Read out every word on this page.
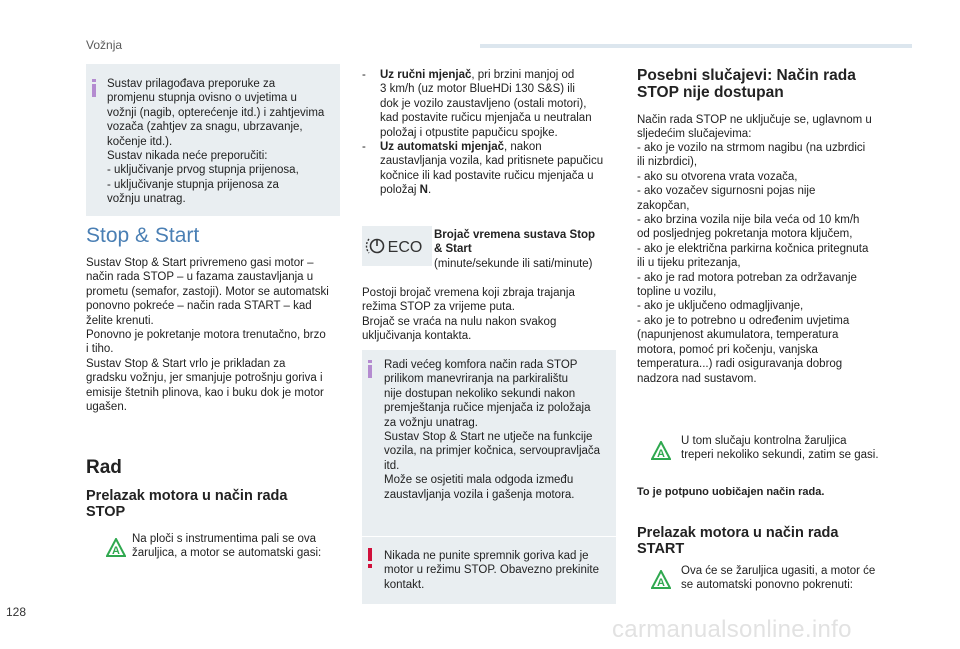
Vožnja
Sustav prilagođava preporuke za
promjenu stupnja ovisno o uvjetima u
vožnji (nagib, opterećenje itd.) i zahtjevima
vozača (zahtjev za snagu, ubrzavanje,
kočenje itd.).
Sustav nikada neće preporučiti:
- uključivanje prvog stupnja prijenosa,
- uključivanje stupnja prijenosa za
vožnju unatrag.
Stop & Start
Sustav Stop & Start privremeno gasi motor –
način rada STOP – u fazama zaustavljanja u
prometu (semafor, zastoji). Motor se automatski
ponovno pokreće – način rada START – kad
želite krenuti.
Ponovno je pokretanje motora trenutačno, brzo
i tiho.
Sustav Stop & Start vrlo je prikladan za
gradsku vožnju, jer smanjuje potrošnju goriva i
emisije štetnih plinova, kao i buku dok je motor
ugašen.
Rad
Prelazak motora u način rada
STOP
A
Na ploči s instrumentima pali se ova
žaruljica, a motor se automatski gasi:
- Uz ručni mjenjač, pri brzini manjoj od
3 km/h (uz motor BlueHDi 130 S&S) ili
dok je vozilo zaustavljeno (ostali motori),
kad postavite ručicu mjenjača u neutralan
položaj i otpustite papučicu spojke.
- Uz automatski mjenjač, nakon
zaustavljanja vozila, kad pritisnete papučicu
kočnice ili kad postavite ručicu mjenjača u
položaj N.
ECO
Brojač vremena sustava Stop
& Start
(minute/sekunde ili sati/minute)
Postoji brojač vremena koji zbraja trajanja
režima STOP za vrijeme puta.
Brojač se vraća na nulu nakon svakog
uključivanja kontakta.
Radi većeg komfora način rada STOP
prilikom manevriranja na parkiralištu
nije dostupan nekoliko sekundi nakon
premještanja ručice mjenjača iz položaja
za vožnju unatrag.
Sustav Stop & Start ne utječe na funkcije
vozila, na primjer kočnica, servoupravljača
itd.
Može se osjetiti mala odgoda između
zaustavljanja vozila i gašenja motora.
Nikada ne punite spremnik goriva kad je
motor u režimu STOP. Obavezno prekinite
kontakt.
Posebni slučajevi: Način rada
STOP nije dostupan
Način rada STOP ne uključuje se, uglavnom u
sljedećim slučajevima:
- ako je vozilo na strmom nagibu (na uzbrdici
ili nizbrdici),
- ako su otvorena vrata vozača,
- ako vozačev sigurnosni pojas nije
zakopčan,
- ako brzina vozila nije bila veća od 10 km/h
od posljednjeg pokretanja motora ključem,
- ako je električna parkirna kočnica pritegnuta
ili u tijeku pritezanja,
- ako je rad motora potreban za održavanje
topline u vozilu,
- ako je uključeno odmagljivanje,
- ako je to potrebno u određenim uvjetima
(napunjenost akumulatora, temperatura
motora, pomoć pri kočenju, vanjska
temperatura...) radi osiguravanja dobrog
nadzora nad sustavom.
A
U tom slučaju kontrolna žaruljica
treperi nekoliko sekundi, zatim se gasi.
To je potpuno uobičajen način rada.
Prelazak motora u način rada
START
A
Ova će se žaruljica ugasiti, a motor će
se automatski ponovno pokrenuti:
128
carmanualsonline.info
